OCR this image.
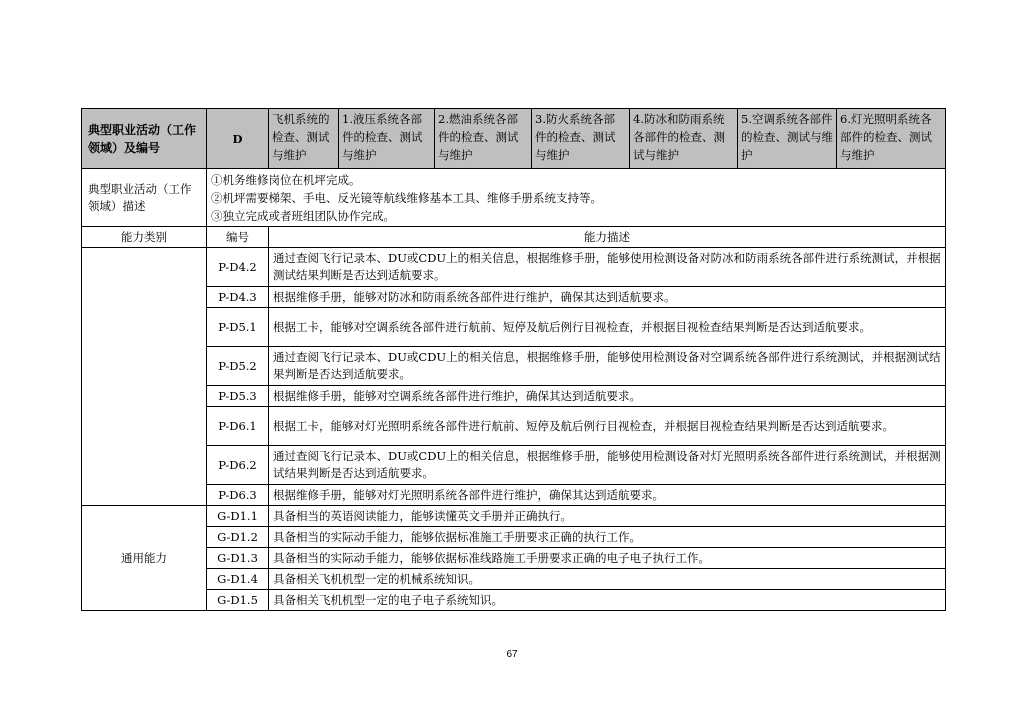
典型职业活动（工作领域）及编号	D	飞机系统的检查、测试与维护	1.液压系统各部件的检查、测试与维护	2.燃油系统各部件的检查、测试与维护	3.防火系统各部件的检查、测试与维护	4.防冰和防雨系统各部件的检查、测试与维护	5.空调系统各部件的检查、测试与维护	6.灯光照明系统各部件的检查、测试与维护
典型职业活动（工作领域）描述	①机务维修岗位在机坪完成。
②机坪需要梯架、手电、反光镜等航线维修基本工具、维修手册系统支持等。
③独立完成或者班组团队协作完成。							

能力类别	编号	能力描述						
	P-D4.2	通过查阅飞行记录本、DU或CDU上的相关信息，根据维修手册，能够使用检测设备对防冰和防雨系统各部件进行系统测试，并根据测试结果判断是否达到适航要求。						
	P-D4.3	根据维修手册，能够对防冰和防雨系统各部件进行维护，确保其达到适航要求。						
	P-D5.1	根据工卡，能够对空调系统各部件进行航前、短停及航后例行目视检查，并根据目视检查结果判断是否达到适航要求。						
	P-D5.2	通过查阅飞行记录本、DU或CDU上的相关信息，根据维修手册，能够使用检测设备对空调系统各部件进行系统测试，并根据测试结果判断是否达到适航要求。						
	P-D5.3	根据维修手册，能够对空调系统各部件进行维护，确保其达到适航要求。						
	P-D6.1	根据工卡，能够对灯光照明系统各部件进行航前、短停及航后例行目视检查，并根据目视检查结果判断是否达到适航要求。						
	P-D6.2	通过查阅飞行记录本、DU或CDU上的相关信息，根据维修手册，能够使用检测设备对灯光照明系统各部件进行系统测试，并根据测试结果判断是否达到适航要求。						
	P-D6.3	根据维修手册，能够对灯光照明系统各部件进行维护，确保其达到适航要求。						
通用能力	G-D1.1	具备相当的英语阅读能力，能够读懂英文手册并正确执行。						
	G-D1.2	具备相当的实际动手能力，能够依据标准施工手册要求正确的执行工作。						
	G-D1.3	具备相当的实际动手能力，能够依据标准线路施工手册要求正确的电子电子执行工作。						
	G-D1.4	具备相关飞机机型一定的机械系统知识。						
	G-D1.5	具备相关飞机机型一定的电子电子系统知识。						
67
